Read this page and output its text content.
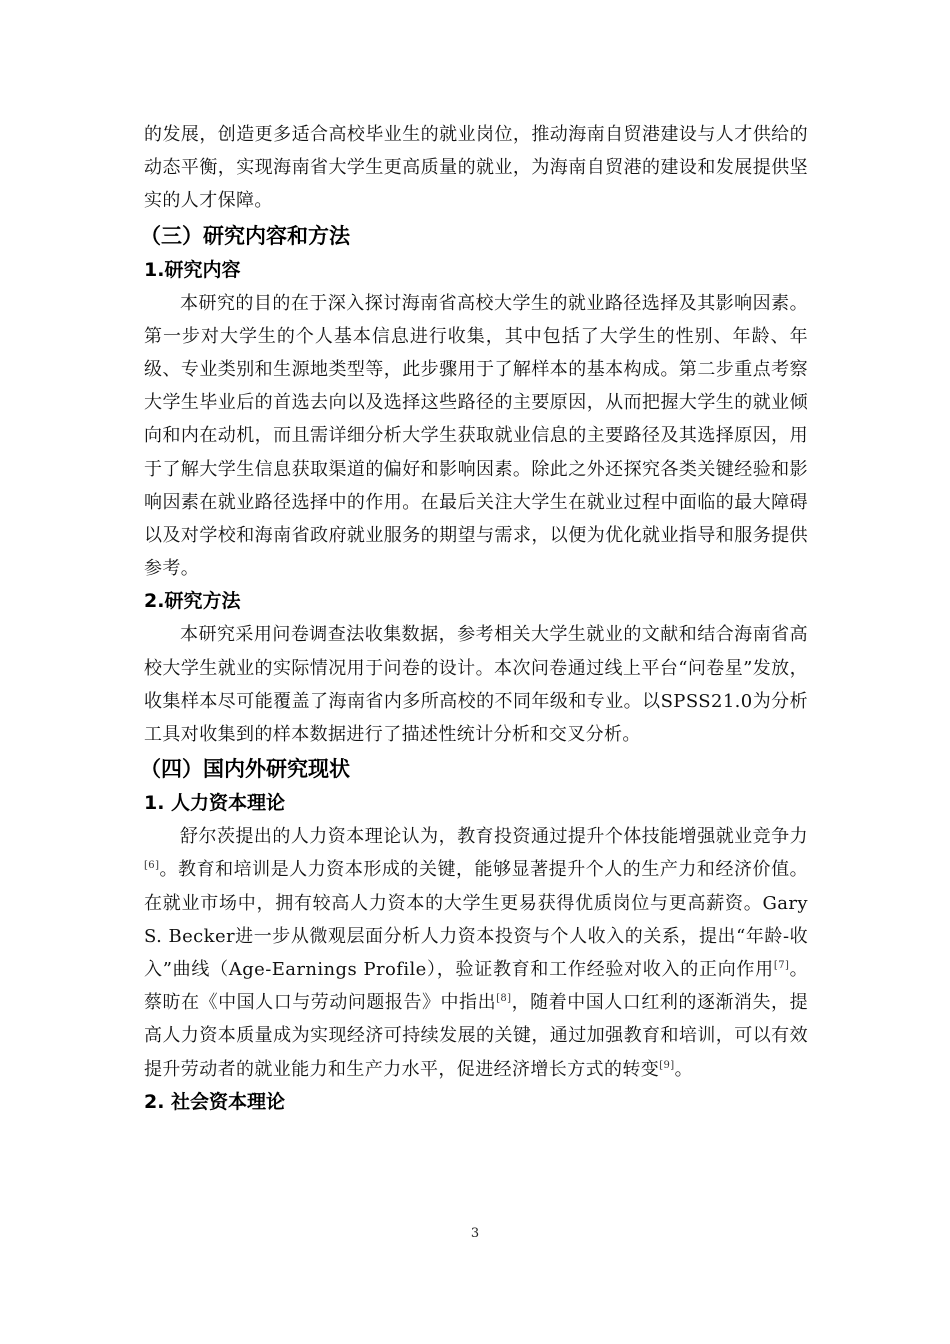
的发展，创造更多适合高校毕业生的就业岗位，推动海南自贸港建设与人才供给的动态平衡，实现海南省大学生更高质量的就业，为海南自贸港的建设和发展提供坚实的人才保障。

（三）研究内容和方法
1.研究内容

本研究的目的在于深入探讨海南省高校大学生的就业路径选择及其影响因素。第一步对大学生的个人基本信息进行收集，其中包括了大学生的性别、年龄、年级、专业类别和生源地类型等，此步骤用于了解样本的基本构成。第二步重点考察大学生毕业后的首选去向以及选择这些路径的主要原因，从而把握大学生的就业倾向和内在动机，而且需详细分析大学生获取就业信息的主要路径及其选择原因，用于了解大学生信息获取渠道的偏好和影响因素。除此之外还探究各类关键经验和影响因素在就业路径选择中的作用。在最后关注大学生在就业过程中面临的最大障碍以及对学校和海南省政府就业服务的期望与需求，以便为优化就业指导和服务提供参考。

2.研究方法

本研究采用问卷调查法收集数据，参考相关大学生就业的文献和结合海南省高校大学生就业的实际情况用于问卷的设计。本次问卷通过线上平台“问卷星”发放，收集样本尽可能覆盖了海南省内多所高校的不同年级和专业。以SPSS21.0为分析工具对收集到的样本数据进行了描述性统计分析和交叉分析。

（四）国内外研究现状
1. 人力资本理论

舒尔茨提出的人力资本理论认为，教育投资通过提升个体技能增强就业竞争力[6]。教育和培训是人力资本形成的关键，能够显著提升个人的生产力和经济价值。在就业市场中，拥有较高人力资本的大学生更易获得优质岗位与更高薪资。Gary S. Becker进一步从微观层面分析人力资本投资与个人收入的关系，提出“年龄-收入”曲线（Age-Earnings Profile），验证教育和工作经验对收入的正向作用[7]。蔡昉在《中国人口与劳动问题报告》中指出[8]，随着中国人口红利的逐渐消失，提高人力资本质量成为实现经济可持续发展的关键，通过加强教育和培训，可以有效提升劳动者的就业能力和生产力水平，促进经济增长方式的转变[9]。

2. 社会资本理论
3
